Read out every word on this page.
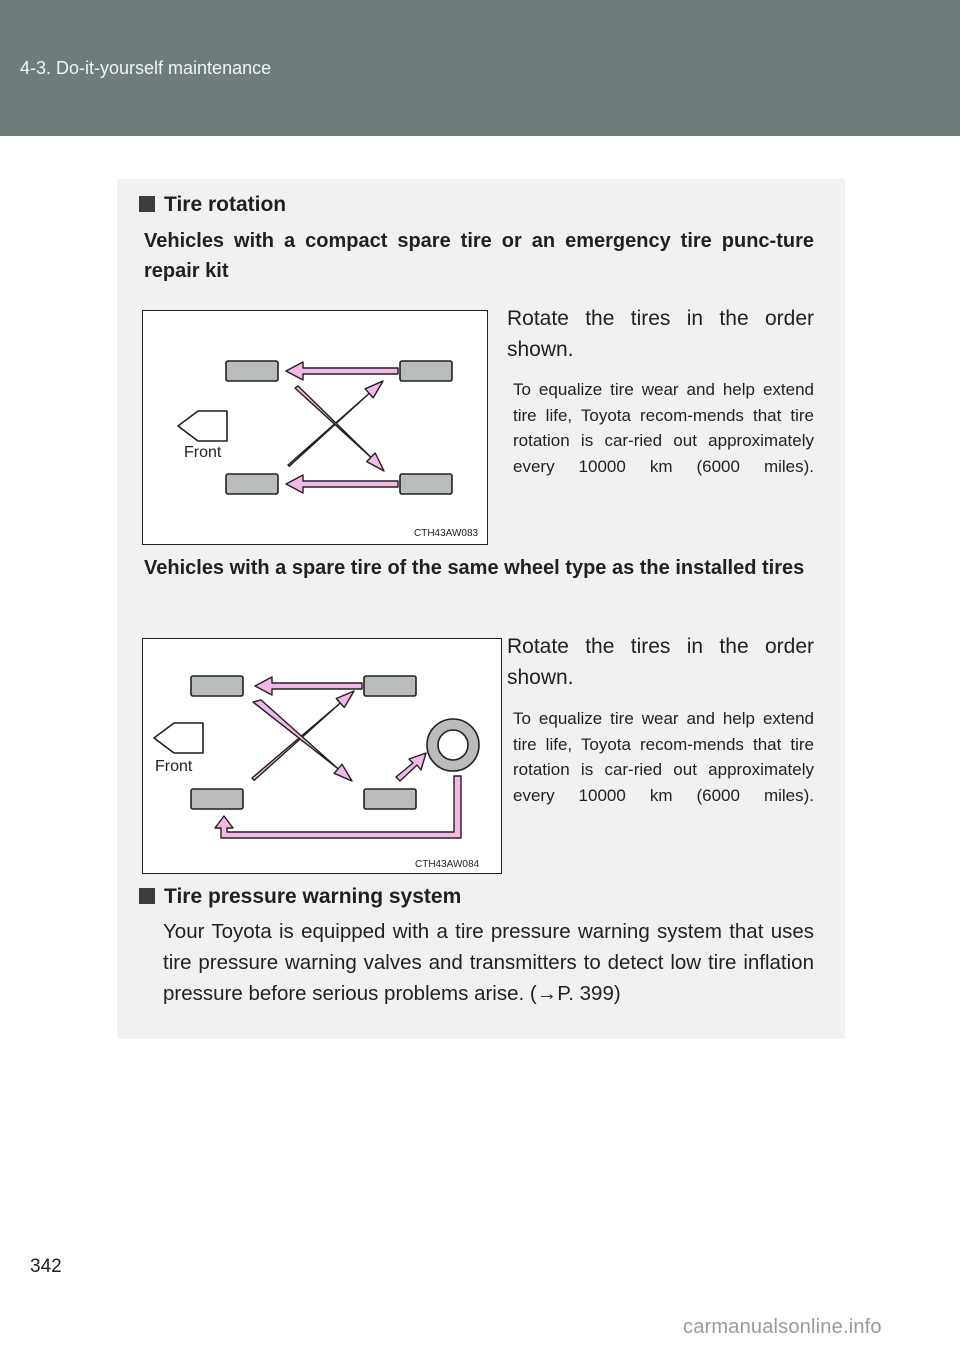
4-3. Do-it-yourself maintenance
Tire rotation
Vehicles with a compact spare tire or an emergency tire punc-ture repair kit
Front
CTH43AW083
Rotate the tires in the order shown.
To equalize tire wear and help extend tire life, Toyota recom-mends that tire rotation is car-ried out approximately every 10000 km (6000 miles).
Vehicles with a spare tire of the same wheel type as the installed tires
Front
CTH43AW084
Rotate the tires in the order shown.
To equalize tire wear and help extend tire life, Toyota recom-mends that tire rotation is car-ried out approximately every 10000 km (6000 miles).
Tire pressure warning system
Your Toyota is equipped with a tire pressure warning system that uses tire pressure warning valves and transmitters to detect low tire inflation pressure before serious problems arise. (→P. 399)
342
carmanualsonline.info
